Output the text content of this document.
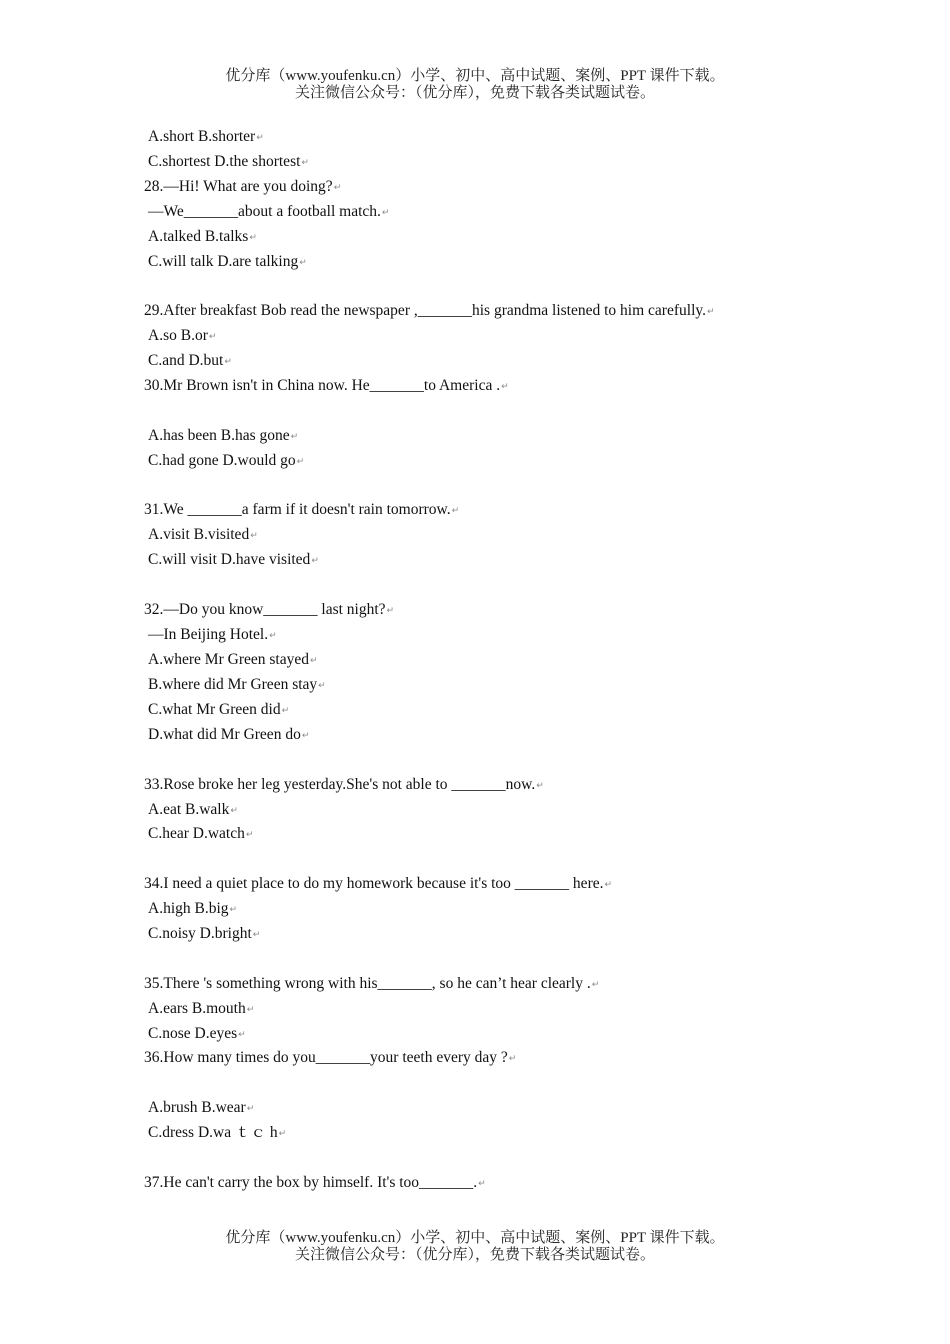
优分库（www.youfenku.cn）小学、初中、高中试题、案例、PPT 课件下载。
关注微信公众号：（优分库），免费下载各类试题试卷。
A.short B.shorter↵
C.shortest D.the shortest↵
28.—Hi! What are you doing?↵
—We_______about a football match.↵
A.talked B.talks↵
C.will talk D.are talking↵
29.After breakfast Bob read the newspaper ,_______his grandma listened to him carefully.↵
A.so B.or↵
C.and D.but↵
30.Mr Brown isn't in China now. He_______to America .↵
A.has been B.has gone↵
C.had gone D.would go↵
31.We _______a farm if it doesn't rain tomorrow.↵
A.visit B.visited↵
C.will visit D.have visited↵
32.—Do you know_______ last night?↵
—In Beijing Hotel.↵
A.where Mr Green stayed↵
B.where did Mr Green stay↵
C.what Mr Green did↵
D.what did Mr Green do↵
33.Rose broke her leg yesterday.She's not able to _______now.↵
A.eat B.walk↵
C.hear D.watch↵
34.I need a quiet place to do my homework because it's too _______ here.↵
A.high B.big↵
C.noisy D.bright↵
35.There 's something wrong with his_______, so he can’t hear clearly .↵
A.ears B.mouth↵
C.nose D.eyes↵
36.How many times do you_______your teeth every day ?↵
A.brush B.wear↵
C.dress D.wa ｔｃ h↵
37.He can't carry the box by himself. It's too_______.↵
优分库（www.youfenku.cn）小学、初中、高中试题、案例、PPT 课件下载。
关注微信公众号：（优分库），免费下载各类试题试卷。
